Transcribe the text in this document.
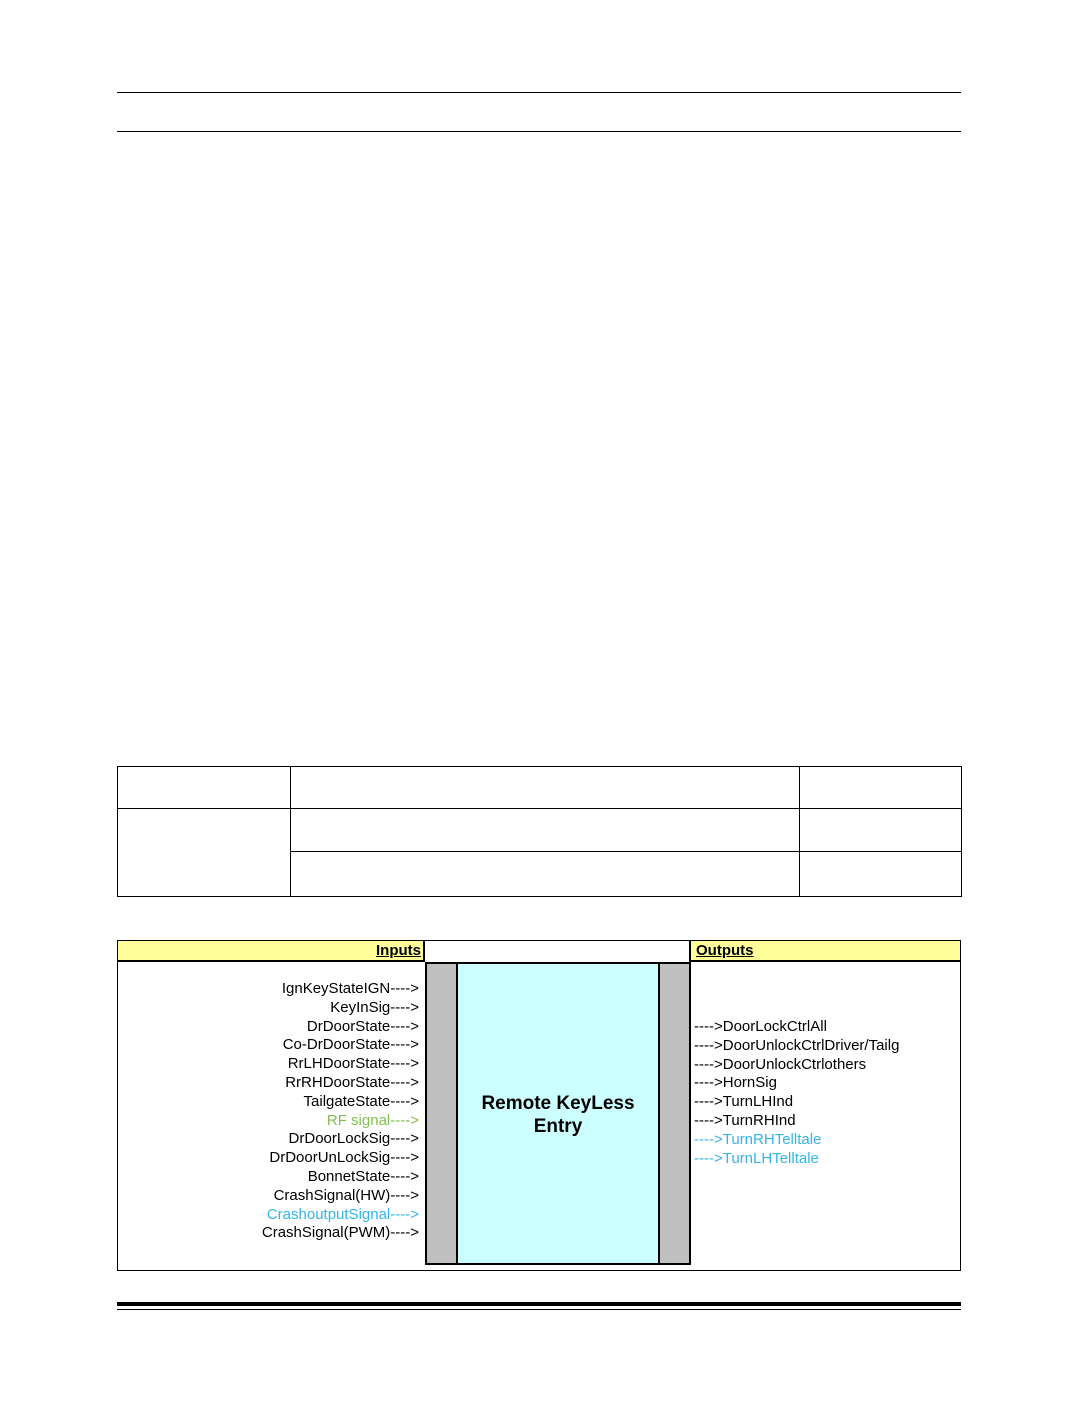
Inputs	Outputs
IgnKeyStateIGN---->
KeyInSig---->
DrDoorState---->
Co-DrDoorState---->
RrLHDoorState---->
RrRHDoorState---->
TailgateState---->
RF signal---->
DrDoorLockSig---->
DrDoorUnLockSig---->
BonnetState---->
CrashSignal(HW)---->
CrashoutputSignal---->
CrashSignal(PWM)---->
Remote KeyLess
Entry
---->DoorLockCtrlAll
---->DoorUnlockCtrlDriver/Tailg
---->DoorUnlockCtrlothers
---->HornSig
---->TurnLHInd
---->TurnRHInd
---->TurnRHTelltale
---->TurnLHTelltale
